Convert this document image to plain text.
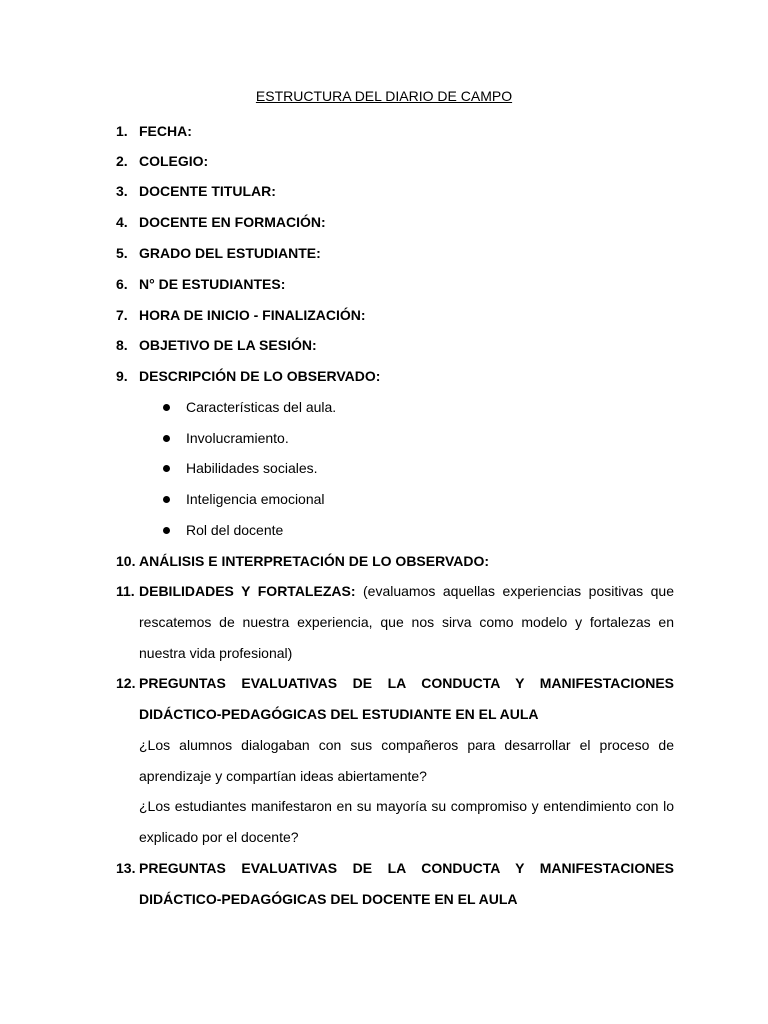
ESTRUCTURA DEL DIARIO DE CAMPO
1. FECHA:
2. COLEGIO:
3. DOCENTE TITULAR:
4. DOCENTE EN FORMACIÓN:
5. GRADO DEL ESTUDIANTE:
6. N° DE ESTUDIANTES:
7. HORA DE INICIO - FINALIZACIÓN:
8. OBJETIVO DE LA SESIÓN:
9. DESCRIPCIÓN DE LO OBSERVADO:
Características del aula.
Involucramiento.
Habilidades sociales.
Inteligencia emocional
Rol del docente
10. ANÁLISIS E INTERPRETACIÓN DE LO OBSERVADO:
11. DEBILIDADES Y FORTALEZAS: (evaluamos aquellas experiencias positivas que
rescatemos de nuestra experiencia, que nos sirva como modelo y fortalezas en
nuestra vida profesional)
12. PREGUNTAS EVALUATIVAS DE LA CONDUCTA Y MANIFESTACIONES
DIDÁCTICO-PEDAGÓGICAS DEL ESTUDIANTE EN EL AULA
¿Los alumnos dialogaban con sus compañeros para desarrollar el proceso de
aprendizaje y compartían ideas abiertamente?
¿Los estudiantes manifestaron en su mayoría su compromiso y entendimiento con lo
explicado por el docente?
13. PREGUNTAS EVALUATIVAS DE LA CONDUCTA Y MANIFESTACIONES
DIDÁCTICO-PEDAGÓGICAS DEL DOCENTE EN EL AULA
